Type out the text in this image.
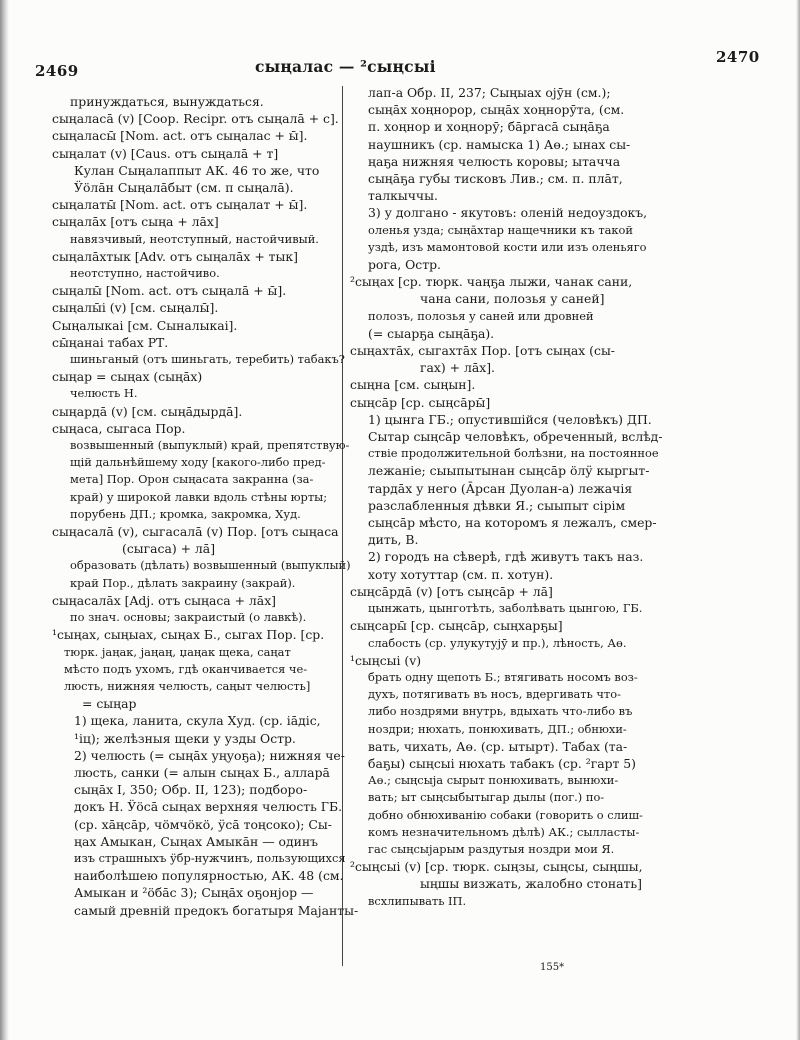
2469	сыңалас — ²сыңсыі	2470
принуждаться, вынуждаться.
сыңаласа̄ (v) [Coop. Recipr. отъ сыңала̄ + с].
сыңаласы̄ [Nom. act. отъ сыңалас + ы̄].
сыңалат (v) [Caus. отъ сыңала̄ + т]
Кулан Сыңалаппыт АК. 46 то же, что
Ӱöла̄н Сыңала̄быт (см. п сыңала̄).
сыңалаты̄ [Nom. act. отъ сыңалат + ы̄].
сыңала̄х [отъ сыңа + ла̄х]
навязчивый, неотступный, настойчивый.
сыңала̄хтык [Adv. отъ сыңала̄х + тык]
неотступно, настойчиво.
сыңалы̄ [Nom. act. отъ сыңала̄ + ы̄].
сыңалы̄і (v) [см. сыңалы̄].
Сыңалыкаі [см. Сыналыкаі].
сы̄ңанаі табах РТ.
шиньганый (отъ шиньгать, теребить) табакъ?
сыңар = сыңах (сыңа̄х)
челюсть Н.
сыңарда̄ (v) [см. сыңа̄дырда̄].
сыңаса, сыгаса Пор.
возвышенный (выпуклый) край, препятствую-
щій дальнѣйшему ходу [какого-либо пред-
мета] Пор. Орон сыңасата закранна (за-
край) у широкой лавки вдоль стѣны юрты;
порубень ДП.; кромка, закромка, Худ.
сыңасала̄ (v), сыгасала̄ (v) Пор. [отъ сыңаса
(сыгаса) + ла̄]
образовать (дѣлать) возвышенный (выпуклый)
край Пор., дѣлать закраину (закрай).
сыңасала̄х [Adj. отъ сыңаса + ла̄х]
по знач. основы; закраистый (о лавкѣ).
¹сыңах, сыңыах, сыңах Б., сыгах Пор. [ср.
тюрк. јаңак, јаңаң, џаңак щека, саңат
мѣсто подъ ухомъ, гдѣ оканчивается че-
люсть, нижняя челюсть, саңыт челюсть]
= сыңар
1) щека, ланита, скула Худ. (ср. іа̄діс,
¹іц); желѣзныя щеки у узды Остр.
2) челюсть (= сыңа̄х уңуоҕа); нижняя че-
люсть, санки (= алын сыңах Б., аллара̄
сыңа̄х І, 350; Обр. ІІ, 123); подборо-
докъ Н. Ӱöса̄ сыңах верхняя челюсть ГБ.
(ср. ха̄ңса̄р, чöмчöкö, ӱса̄ тоңсоко); Сы-
ңах Амыкан, Сыңах Амыка̄н — одинъ
изъ страшныхъ ӱбр-нужчинъ, пользующихся
наиболѣшею популярностью, АК. 48 (см.
Амыкан и ²öба̄с 3); Сыңа̄х оҕонјор —
самый древній предокъ богатыря Маjанты-
лап-а Обр. ІІ, 237; Сыңыах ојӯн (см.);
сыңа̄х хоңнорор, сыңа̄х хоңнорӯта, (см.
п. хоңнор и хоңнорӯ; ба̄ргаса̄ сыңа̄ҕа
наушникъ (ср. намыска 1) Аө.; ынах сы-
ңаҕа нижняя челюсть коровы; ытачча
сыңа̄ҕа губы тисковъ Лив.; см. п. пла̄т,
талкыччы.
3) у долгано - якутовъ: оленій недоуздокъ,
оленья узда; сыңа̄хтар нащечники къ такой
уздѣ, изъ мамонтовой кости или изъ оленьяго
рога, Остр.
²сыңах [ср. тюрк. чаңҕа лыжи, чанак сани,
чана сани, полозья у саней]
полозъ, полозья у саней или дровней
(= сыарҕа сыңа̄ҕа).
сыңахта̄х, сыгахта̄х Пор. [отъ сыңах (сы-
гах) + ла̄х].
сыңна [см. сыңын].
сыңса̄р [ср. сыңса̄ры̄]
1) цынга ГБ.; опустившійся (человѣкъ) ДП.
Сытар сыңса̄р человѣкъ, обреченный, вслѣд-
ствіе продолжительной болѣзни, на постоянное
лежаніе; сыыпытынан сыңса̄р öлӱ кыргыт-
тарда̄х у него (А̄рсан Дуолан-а) лежачія
разслабленныя дѣвки Я.; сыыпыт сірім
сыңса̄р мѣсто, на которомъ я лежалъ, смер-
дить, В.
2) городъ на сѣверѣ, гдѣ живутъ такъ наз.
хоту хотуттар (см. п. хотун).
сыңса̄рда̄ (v) [отъ сыңса̄р + ла̄]
цынжать, цынготѣть, заболѣвать цынгою, ГБ.
сыңсары̄ [ср. сыңса̄р, сыңхарҕы]
слабость (ср. улукутујӯ и пр.), лѣность, Аө.
¹сыңсыі (v)
брать одну щепоть Б.; втягивать носомъ воз-
духъ, потягивать въ носъ, вдергивать что-
либо ноздрями внутрь, вдыхать что-либо въ
ноздри; нюхать, понюхивать, ДП.; обнюхи-
вать, чихать, Аө. (ср. ытырт). Табах (та-
баҕы) сыңсыі нюхать табакъ (ср. ²гарт 5)
Аө.; сыңсыја сырыт понюхивать, вынюхи-
вать; ыт сыңсыбытыгар дылы (пог.) по-
добно обнюхиванію собаки (говорить о слиш-
комъ незначительномъ дѣлѣ) АК.; сылласты-
гас сыңсыјарым раздутыя ноздри мои Я.
²сыңсыі (v) [ср. тюрк. сыңзы, сыңсы, сыңшы,
ыңшы визжать, жалобно стонать]
всхлипывать ІП.
155*
